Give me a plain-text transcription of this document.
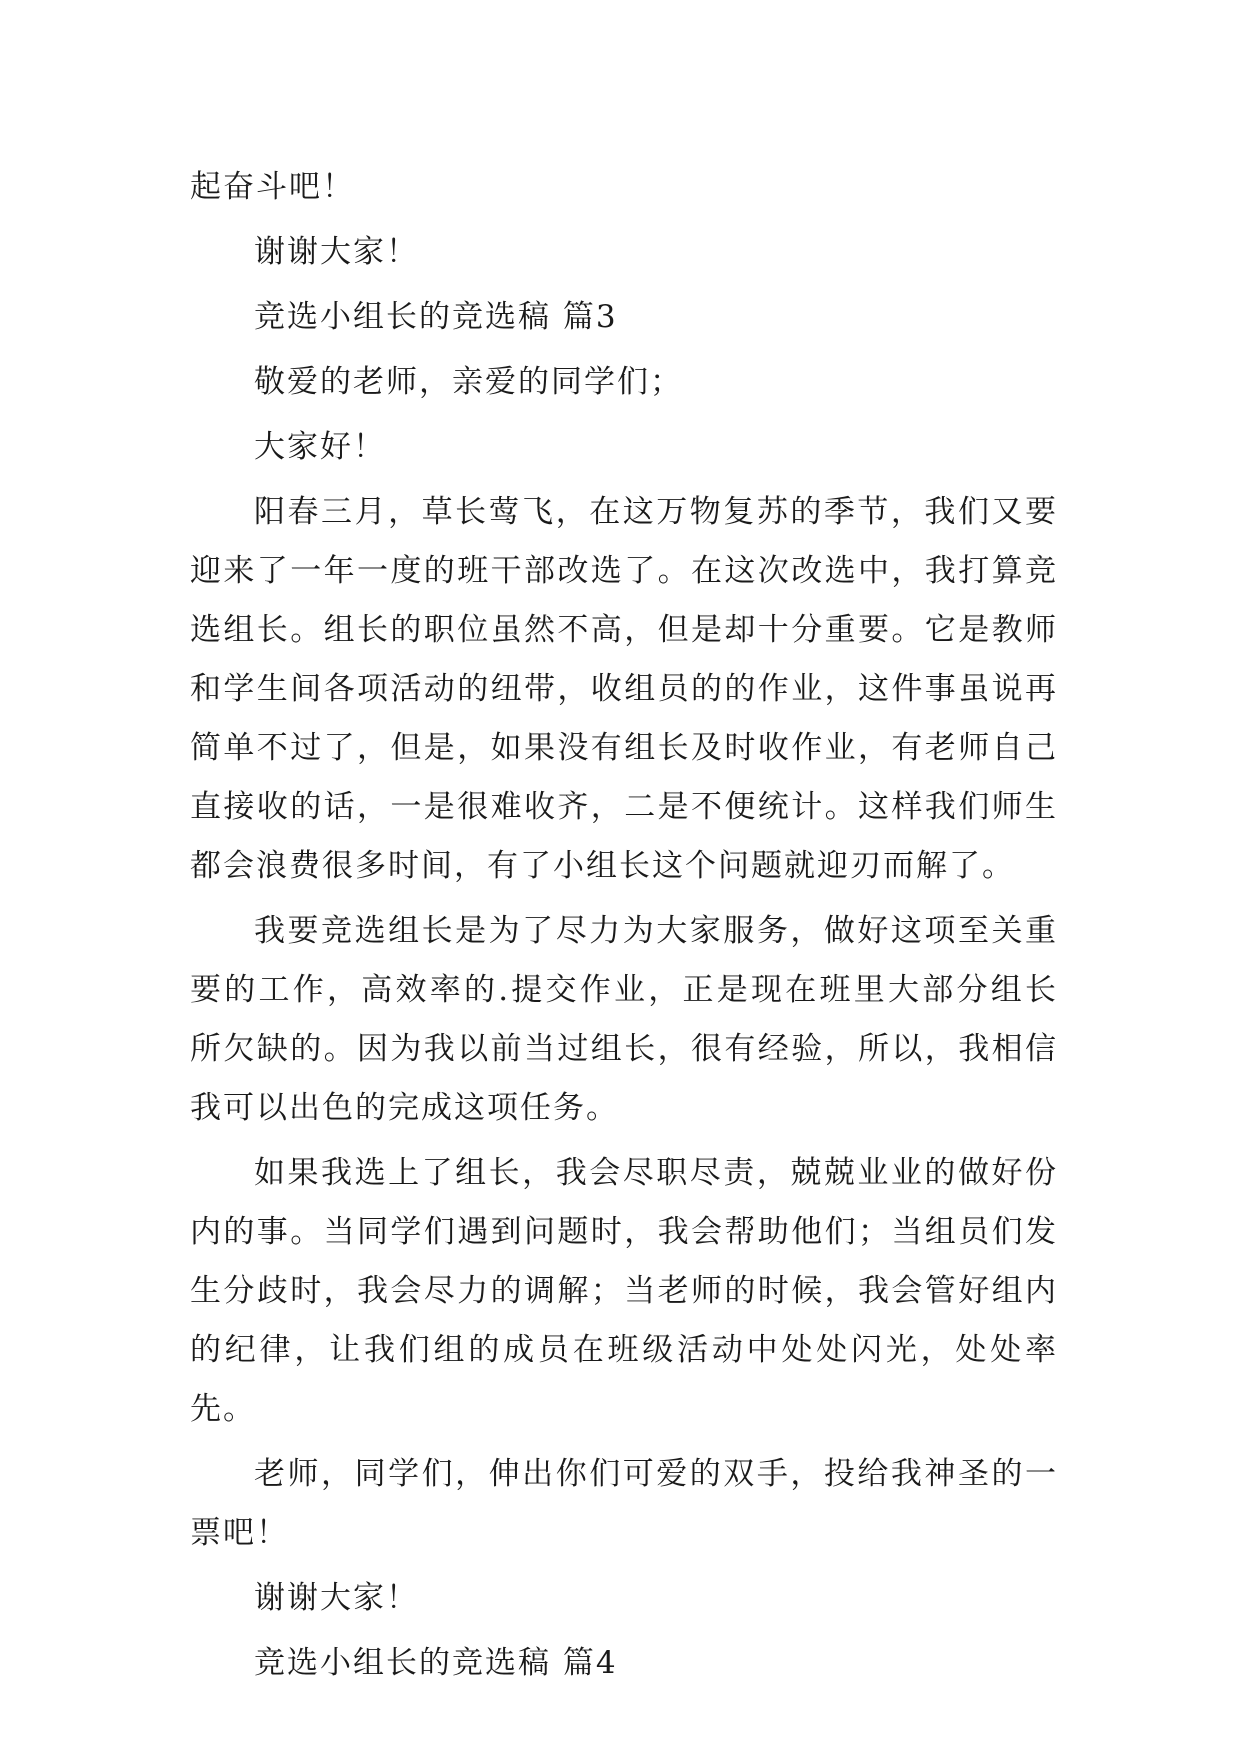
起奋斗吧！

谢谢大家！

竞选小组长的竞选稿 篇3

敬爱的老师，亲爱的同学们；

大家好！

阳春三月，草长莺飞，在这万物复苏的季节，我们又要迎来了一年一度的班干部改选了。在这次改选中，我打算竞选组长。组长的职位虽然不高，但是却十分重要。它是教师和学生间各项活动的纽带，收组员的的作业，这件事虽说再简单不过了，但是，如果没有组长及时收作业，有老师自己直接收的话，一是很难收齐，二是不便统计。这样我们师生都会浪费很多时间，有了小组长这个问题就迎刃而解了。

我要竞选组长是为了尽力为大家服务，做好这项至关重要的工作，高效率的.提交作业，正是现在班里大部分组长所欠缺的。因为我以前当过组长，很有经验，所以，我相信我可以出色的完成这项任务。

如果我选上了组长，我会尽职尽责，兢兢业业的做好份内的事。当同学们遇到问题时，我会帮助他们；当组员们发生分歧时，我会尽力的调解；当老师的时候，我会管好组内的纪律，让我们组的成员在班级活动中处处闪光，处处率先。

老师，同学们，伸出你们可爱的双手，投给我神圣的一票吧！

谢谢大家！

竞选小组长的竞选稿 篇4
